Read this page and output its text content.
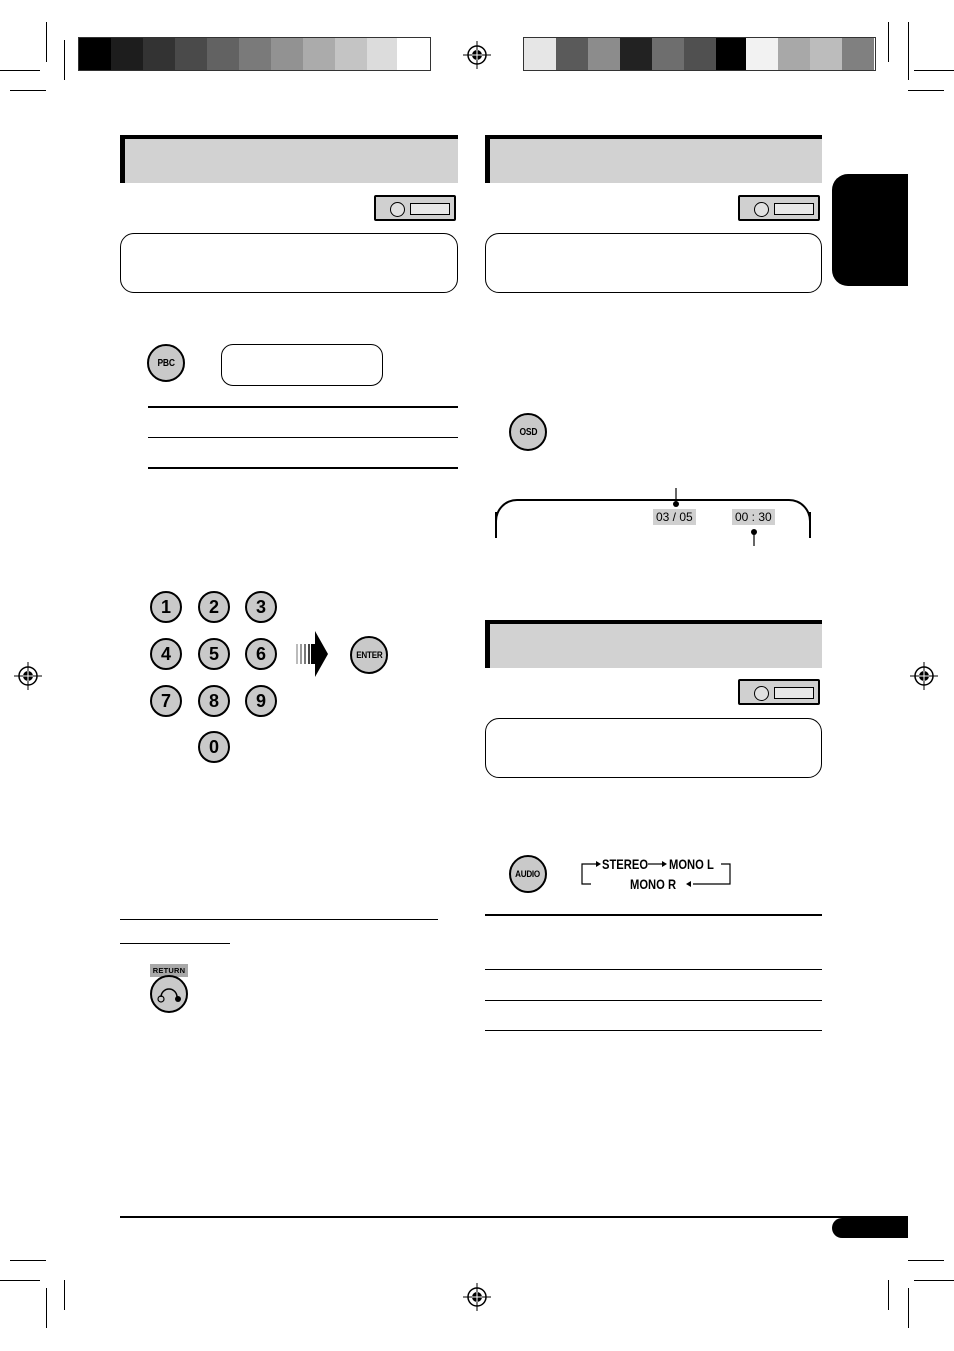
PBC
1 2 3
4 5 6
7 8 9
0
ENTER
RETURN
OSD
03 / 05	00 : 30
AUDIO
STEREO MONO L
MONO R
